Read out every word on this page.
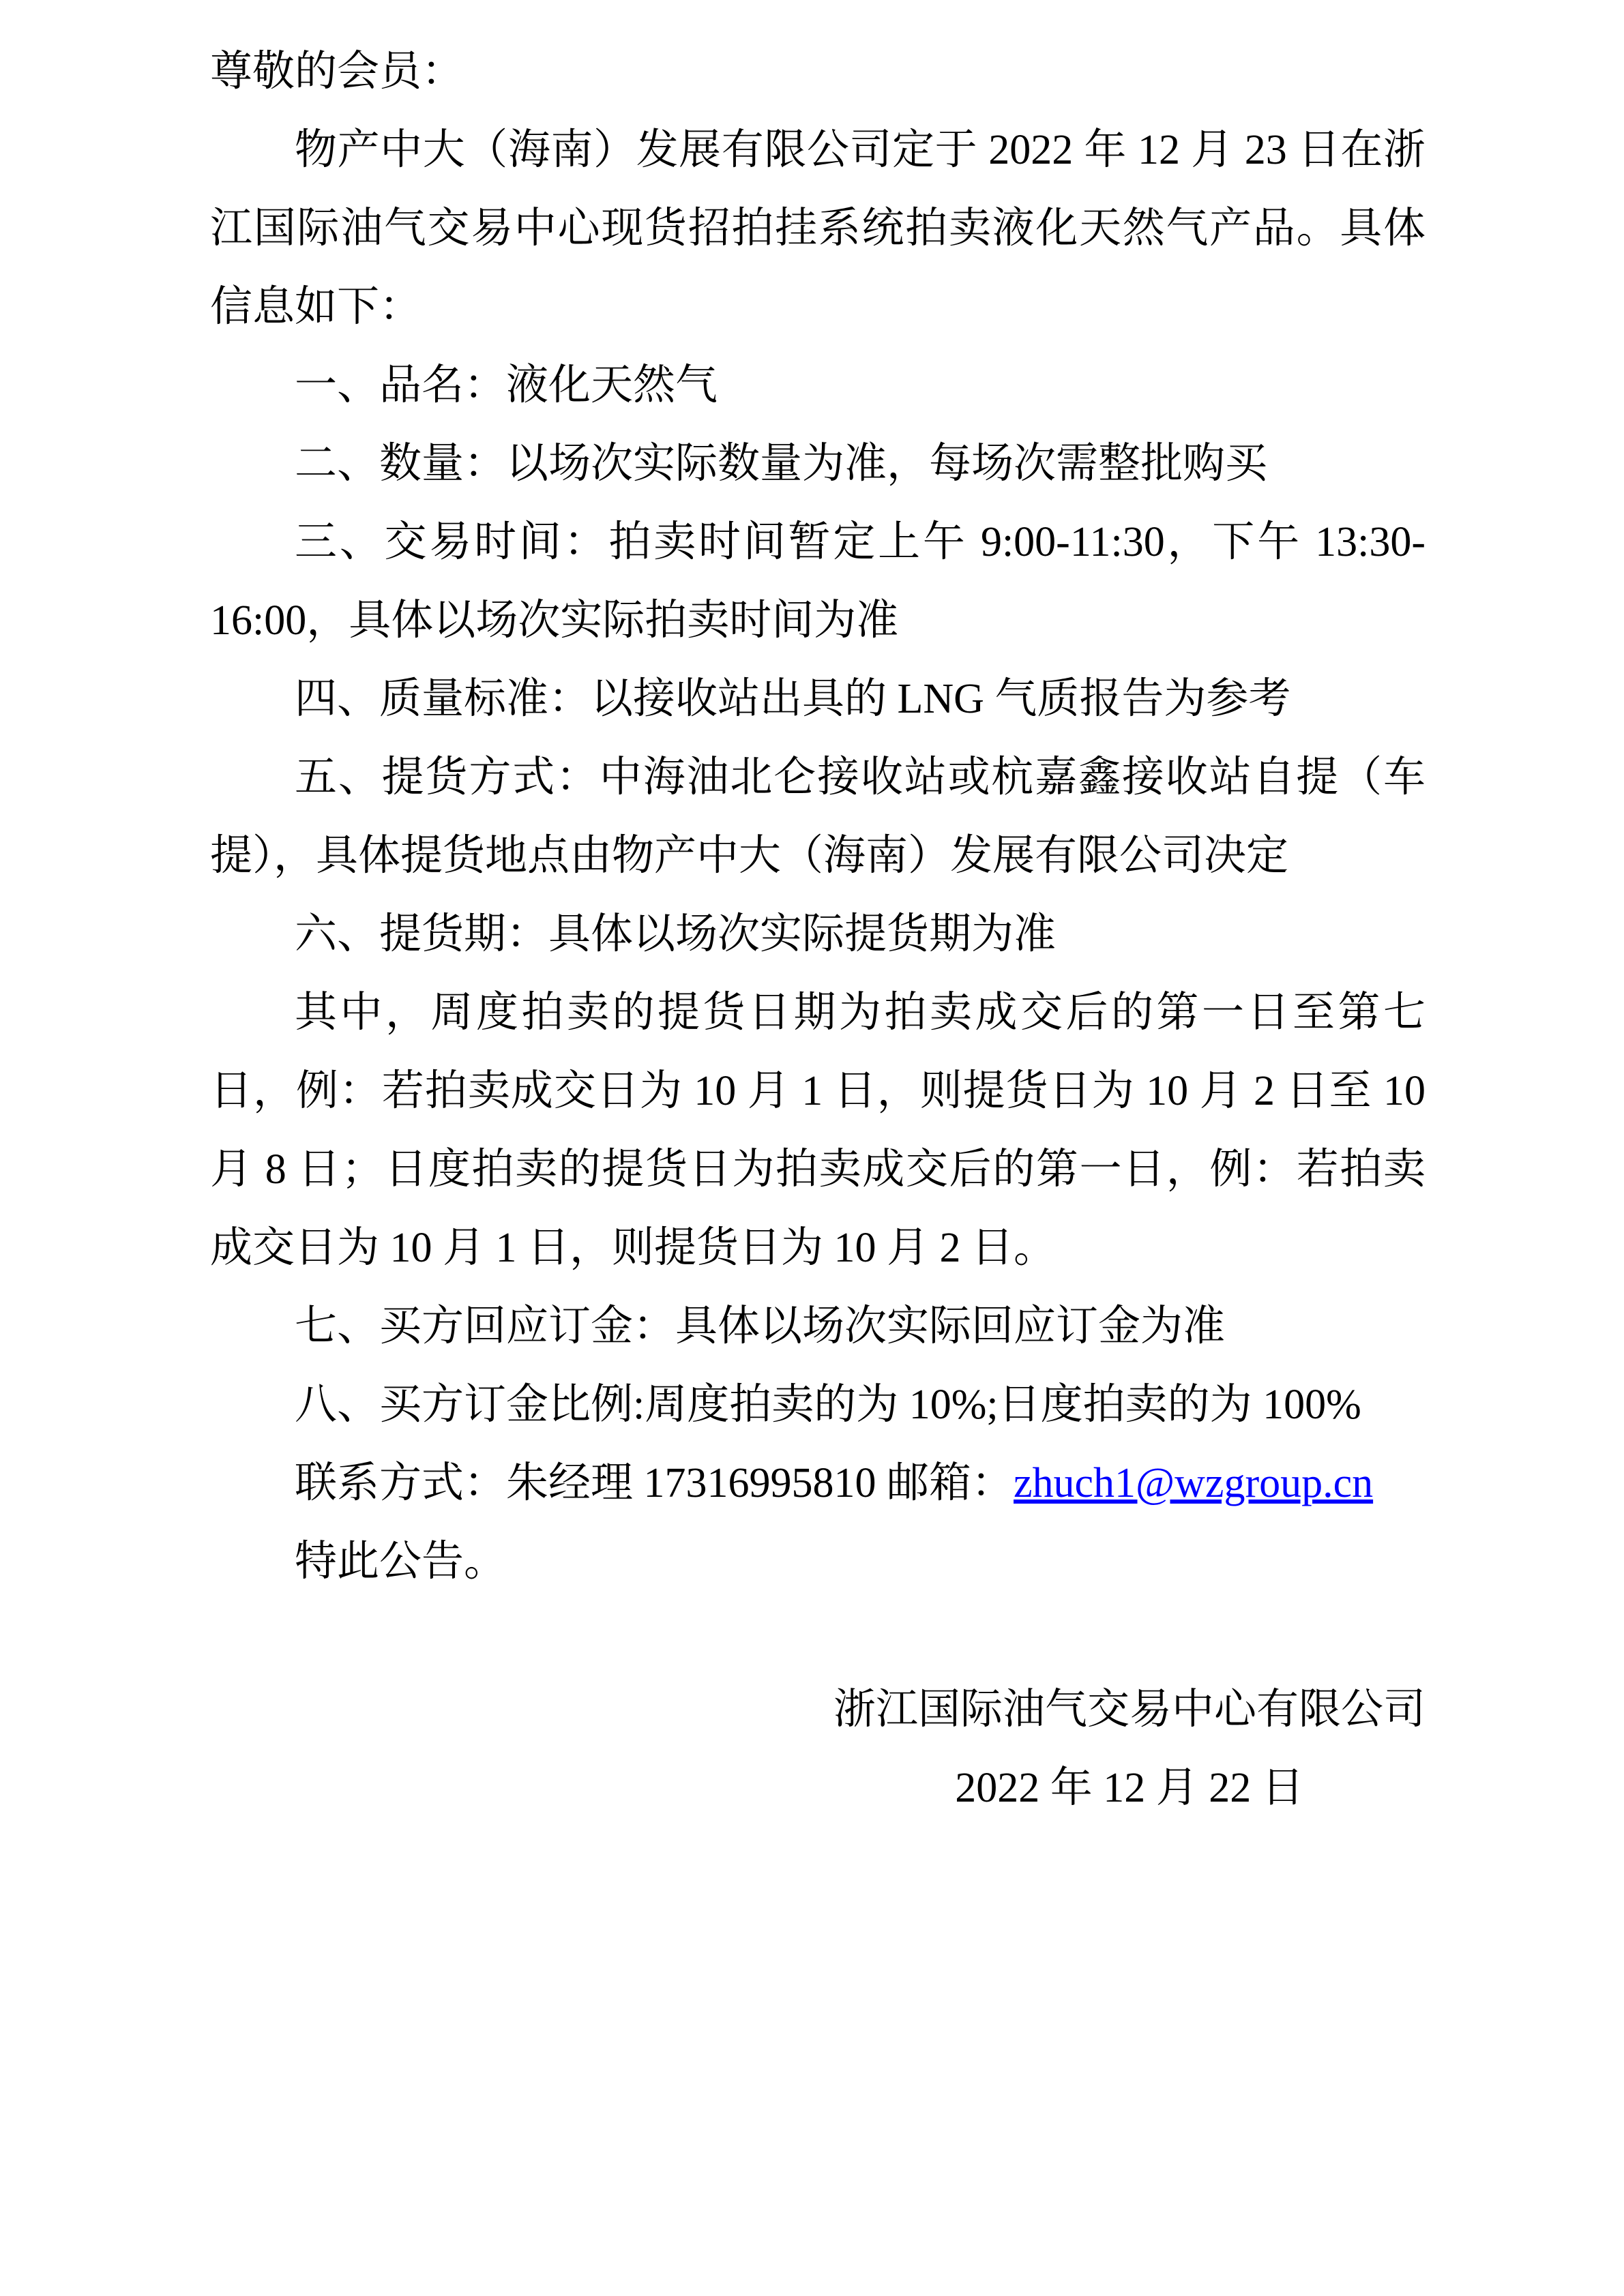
尊敬的会员：

物产中大（海南）发展有限公司定于 2022 年 12 月 23 日在浙江国际油气交易中心现货招拍挂系统拍卖液化天然气产品。具体信息如下：

一、品名：液化天然气

二、数量：以场次实际数量为准，每场次需整批购买

三、交易时间：拍卖时间暂定上午 9:00-11:30，下午 13:30-16:00，具体以场次实际拍卖时间为准

四、质量标准：以接收站出具的 LNG 气质报告为参考

五、提货方式：中海油北仑接收站或杭嘉鑫接收站自提（车提），具体提货地点由物产中大（海南）发展有限公司决定

六、提货期：具体以场次实际提货期为准

其中，周度拍卖的提货日期为拍卖成交后的第一日至第七日，例：若拍卖成交日为 10 月 1 日，则提货日为 10 月 2 日至 10 月 8 日；日度拍卖的提货日为拍卖成交后的第一日，例：若拍卖成交日为 10 月 1 日，则提货日为 10 月 2 日。

七、买方回应订金：具体以场次实际回应订金为准

八、买方订金比例:周度拍卖的为 10%;日度拍卖的为 100%

联系方式：朱经理 17316995810 邮箱：zhuch1@wzgroup.cn

特此公告。

浙江国际油气交易中心有限公司

2022 年 12 月 22 日
